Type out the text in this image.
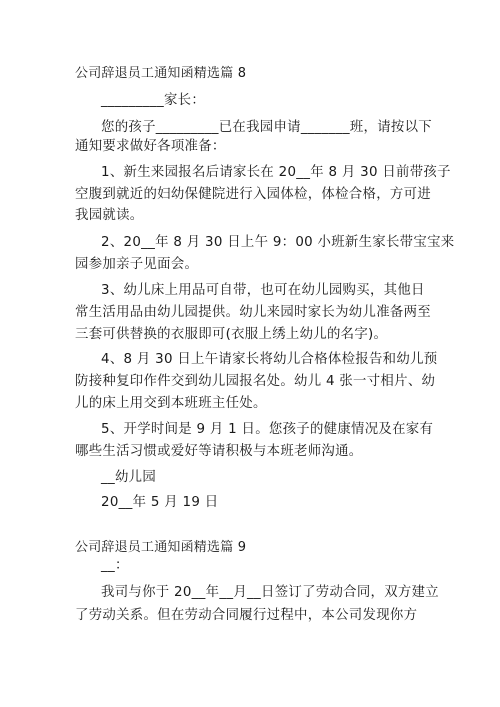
公司辞退员工通知函精选篇 8
_________家长：
您的孩子_________已在我园申请_______班，请按以下
通知要求做好各项准备：
1、新生来园报名后请家长在 20__年 8 月 30 日前带孩子
空腹到就近的妇幼保健院进行入园体检，体检合格，方可进
我园就读。
2、20__年 8 月 30 日上午 9：00 小班新生家长带宝宝来
园参加亲子见面会。
3、幼儿床上用品可自带，也可在幼儿园购买，其他日
常生活用品由幼儿园提供。幼儿来园时家长为幼儿准备两至
三套可供替换的衣服即可(衣服上绣上幼儿的名字)。
4、8 月 30 日上午请家长将幼儿合格体检报告和幼儿预
防接种复印作件交到幼儿园报名处。幼儿 4 张一寸相片、幼
儿的床上用交到本班班主任处。
5、开学时间是 9 月 1 日。您孩子的健康情况及在家有
哪些生活习惯或爱好等请积极与本班老师沟通。
__幼儿园
20__年 5 月 19 日
公司辞退员工通知函精选篇 9
__：
我司与你于 20__年__月__日签订了劳动合同，双方建立
了劳动关系。但在劳动合同履行过程中，本公司发现你方
